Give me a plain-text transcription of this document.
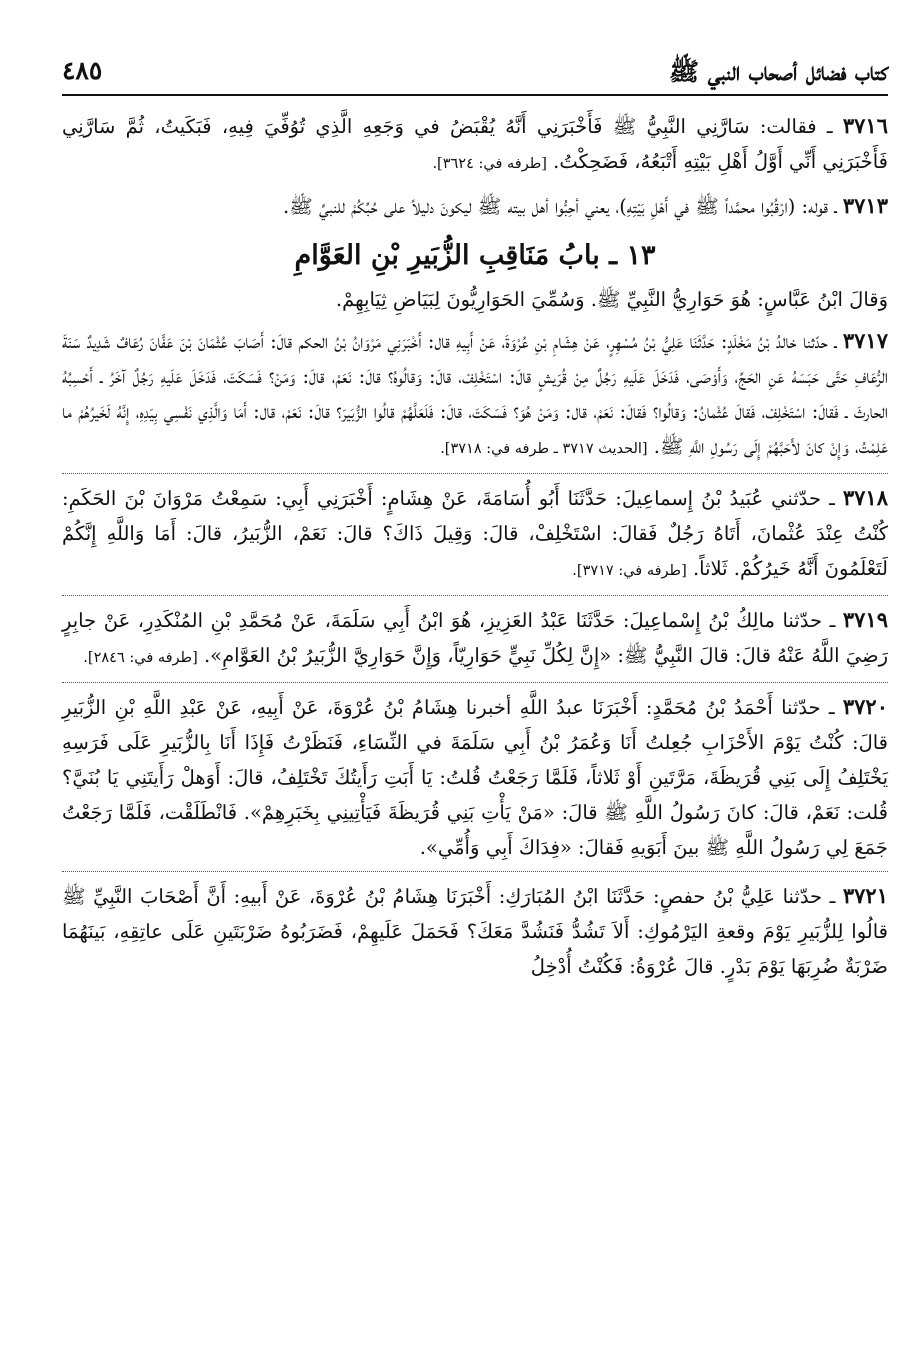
كتاب فضائل أصحاب النبي ﷺ
٤٨٥

٣٧١٦ ـ فقالت: سَارَّنِي النَّبِيُّ ﷺ فَأَخْبَرَنِي أَنَّهُ يُقْبَضُ في وَجَعِهِ الَّذِي تُوُفِّيَ فِيهِ، فَبَكَيتُ، ثُمَّ سَارَّنِي فَأَخْبَرَنِي أَنِّي أَوَّلُ أَهْلِ بَيْتِهِ أَتْبَعُهُ، فَضَحِكْتُ. [طرفه في: ٣٦٢٤].

٣٧١٣ ـ قوله: (ارْقُبُوا محمَّداً ﷺ في أَهْلِ بَيْتِهِ)، يعني أحِبُّوا أهل بيته ﷺ ليكونَ دليلاً على حُبِّكُمْ للنبيِّ ﷺ.

١٣ ـ بابُ مَنَاقِبِ الزُّبَيرِ بْنِ العَوَّامِ

وَقالَ ابْنُ عَبَّاسٍ: هُوَ حَوَارِيُّ النَّبِيِّ ﷺ. وَسُمِّيَ الحَوَارِيُّونَ لِبَيَاضِ ثِيَابِهِمْ.

٣٧١٧ ـ حدّثنا خالدُ بْنُ مَخْلَدٍ: حَدَّثَنَا عَلِيُّ بْنُ مُسْهِرٍ، عَنْ هِشَامِ بْنِ عُرْوَةَ، عَنْ أَبِيهِ قال: أَخْبَرَنِي مَرْوَانُ بْنُ الحكم قالَ: أَصَابَ عُثْمَانَ بْنَ عَفَّانَ رُعَافٌ شَدِيدٌ سَنَةَ الرُّعَافِ حَتَّى حَبَسَهُ عَنِ الحَجِّ، وَأَوْصَى، فَدَخَلَ عَلَيهِ رَجُلٌ مِنْ قُرَيشٍ قالَ: اسْتَخْلِفْ، قالَ: وَقالُوهُ؟ قالَ: نَعَمْ، قالَ: وَمَنْ؟ فَسَكَتَ، فَدَخَلَ عَلَيهِ رَجُلٌ آخَرُ ـ أَحْسِبُهُ الحارثَ ـ فَقالَ: اسْتَخْلِفْ، فَقالَ عُثْمانُ: وَقالُوا؟ فَقالَ: نَعَمْ، قال: وَمَنْ هُوَ؟ فَسَكَتَ، قالَ: فَلَعَلَّهُمْ قالُوا الزُّبَيرَ؟ قالَ: نَعَمْ، قال: أَمَا وَالَّذِي نَفْسِي بِيَدِهِ، إِنَّهُ لَخَيرُهُمْ ما عَلِمْتُ، وَإِنْ كانَ لأَحَبَّهُمْ إِلَى رَسُولِ اللَّهِ ﷺ. [الحديث ٣٧١٧ ـ طرفه في: ٣٧١٨].

٣٧١٨ ـ حدّثني عُبَيدُ بْنُ إِسماعِيلَ: حَدَّثَنَا أَبُو أُسَامَةَ، عَنْ هِشَامٍ: أَخْبَرَنِي أَبِي: سَمِعْتُ مَرْوَانَ بْنَ الحَكَمِ: كُنْتُ عِنْدَ عُثْمانَ، أَتَاهُ رَجُلٌ فَقالَ: اسْتَخْلِفْ، قالَ: وَقِيلَ ذَاكَ؟ قالَ: نَعَمْ، الزُّبَيرُ، قالَ: أَمَا وَاللَّهِ إِنَّكُمْ لَتَعْلَمُونَ أَنَّهُ خَيرُكُمْ. ثَلاثاً. [طرفه في: ٣٧١٧].

٣٧١٩ ـ حدّثنا مالِكُ بْنُ إِسْماعِيلَ: حَدَّثَنَا عَبْدُ العَزِيزِ، هُوَ ابْنُ أَبِي سَلَمَةَ، عَنْ مُحَمَّدِ بْنِ المُنْكَدِرِ، عَنْ جابِرٍ رَضِيَ اللَّهُ عَنْهُ قالَ: قالَ النَّبِيُّ ﷺ: «إِنَّ لِكُلِّ نَبِيٍّ حَوَارِيّاً، وَإِنَّ حَوَارِيَّ الزُّبَيرُ بْنُ العَوَّامِ». [طرفه في: ٢٨٤٦].

٣٧٢٠ ـ حدّثنا أَحْمَدُ بْنُ مُحَمَّدٍ: أَخْبَرَنَا عبدُ اللَّهِ أخبرنا هِشَامُ بْنُ عُرْوَةَ، عَنْ أَبِيهِ، عَنْ عَبْدِ اللَّهِ بْنِ الزُّبَيرِ قالَ: كُنْتُ يَوْمَ الأَحْزَابِ جُعِلتُ أَنَا وَعُمَرُ بْنُ أَبِي سَلَمَةَ في النِّسَاءِ، فَنَظَرْتُ فَإِذَا أَنَا بِالزُّبَيرِ عَلَى فَرَسِهِ يَخْتَلِفُ إِلَى بَنِي قُرَيظَةَ، مَرَّتَينِ أَوْ ثَلاثاً، فَلَمَّا رَجَعْتُ قُلتُ: يَا أَبَتِ رَأَيتُكَ تَخْتَلِفُ، قالَ: أَوَهلْ رَأَيتَنِي يَا بُنَيَّ؟ قُلت: نَعَمْ، قالَ: كانَ رَسُولُ اللَّهِ ﷺ قالَ: «مَنْ يَأْتِ بَنِي قُرَيظَةَ فَيَأْتِينِي بِخَبَرِهِمْ». فَانْطَلَقْت، فَلَمَّا رَجَعْتُ جَمَعَ لِي رَسُولُ اللَّهِ ﷺ بينَ أَبَوَيهِ فَقالَ: «فِدَاكَ أَبِي وَأُمِّي».

٣٧٢١ ـ حدّثنا عَلِيُّ بْنُ حفصٍ: حَدَّثَنَا ابْنُ المُبَارَكِ: أَخْبَرَنَا هِشَامُ بْنُ عُرْوَةَ، عَنْ أَبيهِ: أَنَّ أَصْحَابَ النَّبِيِّ ﷺ قالُوا لِلزُّبَيرِ يَوْمَ وقعةِ اليَرْمُوكِ: أَلاَ تَشُدُّ فَنَشُدَّ مَعَكَ؟ فَحَمَلَ عَلَيهِمْ، فَضَرَبُوهُ ضَرْبَتَينِ عَلَى عاتِقِهِ، بَينَهُمَا ضَرْبَةٌ ضُرِبَهَا يَوْمَ بَدْرٍ. قالَ عُرْوَةُ: فَكُنْتُ أُدْخِلُ
